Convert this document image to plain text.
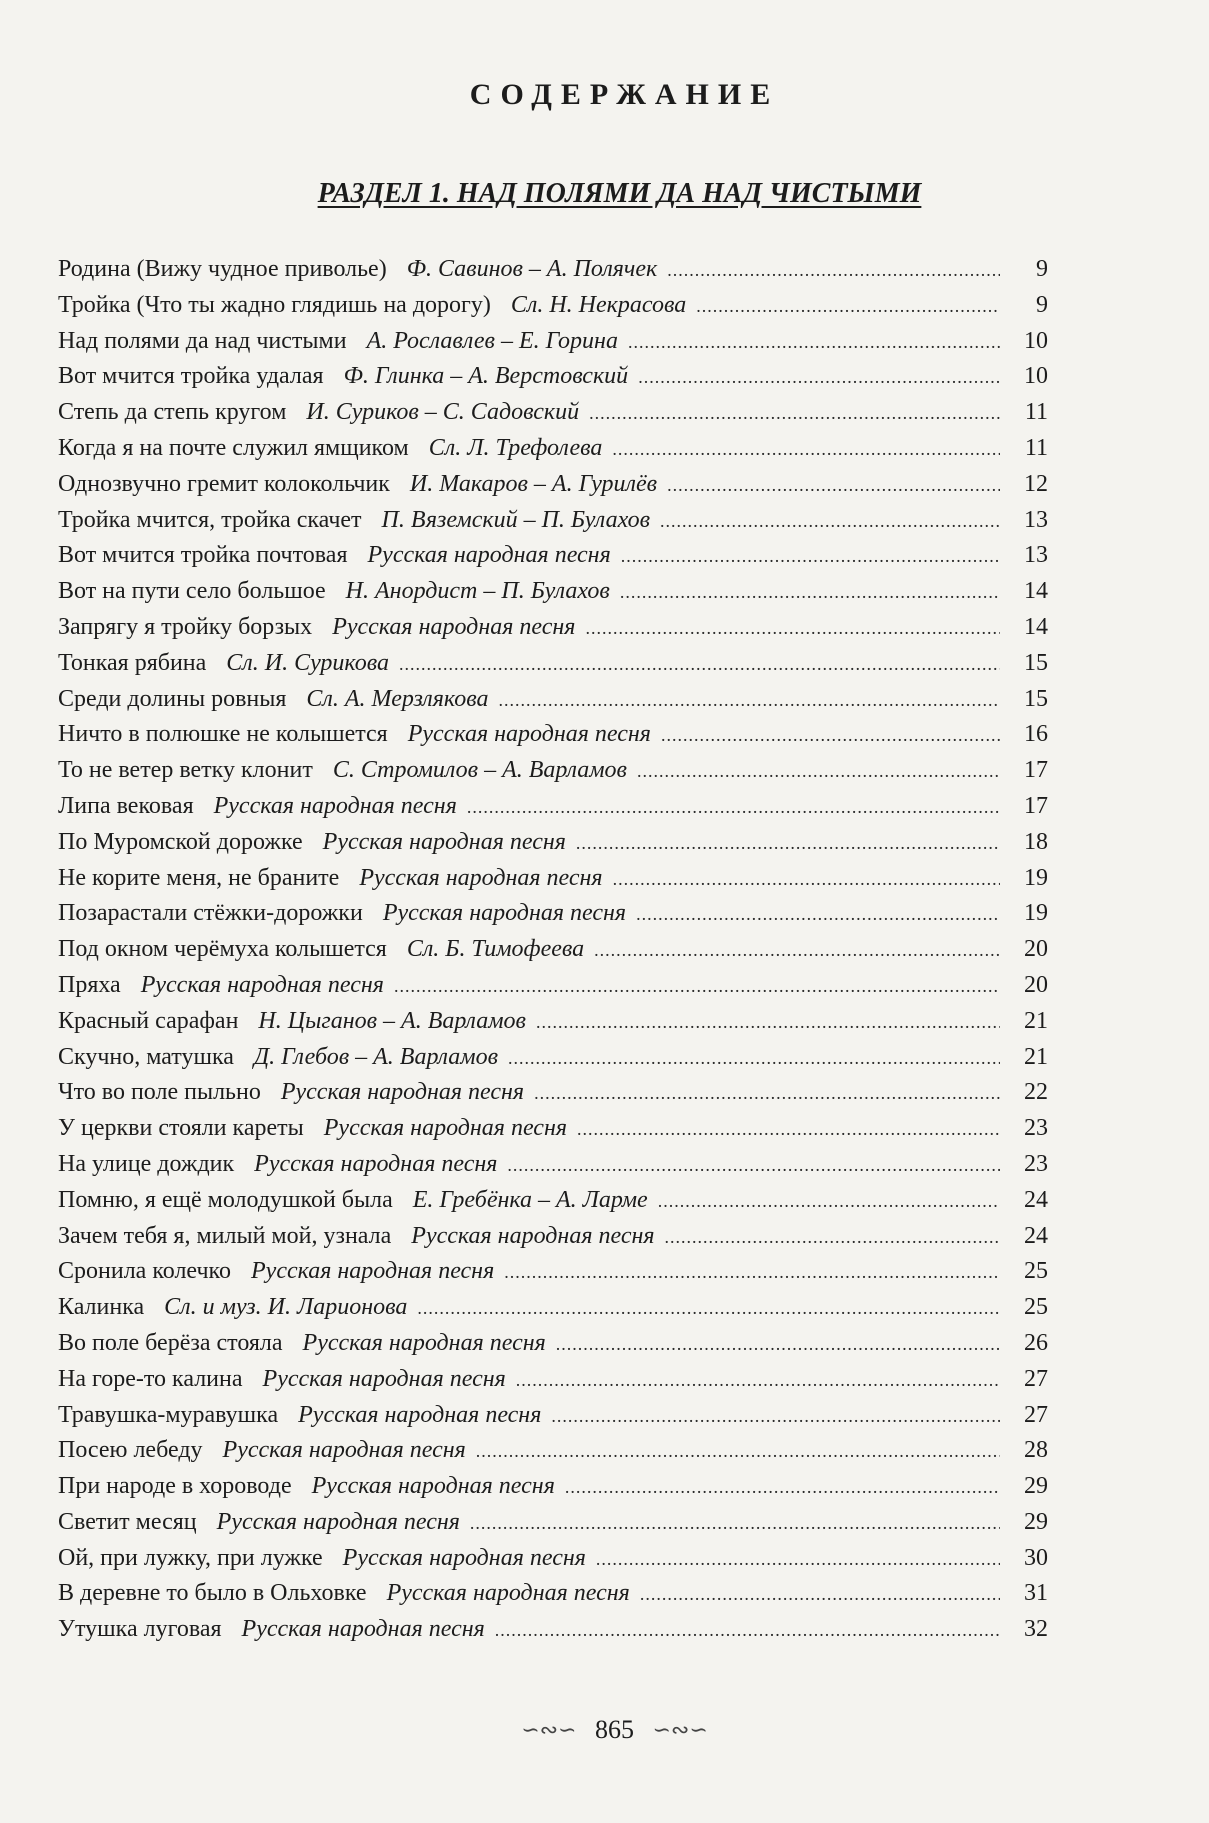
СОДЕРЖАНИЕ
РАЗДЕЛ 1. НАД ПОЛЯМИ ДА НАД ЧИСТЫМИ
Родина (Вижу чудное приволье) Ф. Савинов – А. Полячек .....	9
Тройка (Что ты жадно глядишь на дорогу) Сл. Н. Некрасова .....	9
Над полями да над чистыми А. Рославлев – Е. Горина .....	10
Вот мчится тройка удалая Ф. Глинка – А. Верстовский .....	10
Степь да степь кругом И. Суриков – С. Садовский .....	11
Когда я на почте служил ямщиком Сл. Л. Трефолева .....	11
Однозвучно гремит колокольчик И. Макаров – А. Гурилёв .....	12
Тройка мчится, тройка скачет П. Вяземский – П. Булахов .....	13
Вот мчится тройка почтовая Русская народная песня .....	13
Вот на пути село большое Н. Анордист – П. Булахов .....	14
Запрягу я тройку борзых Русская народная песня .....	14
Тонкая рябина Сл. И. Сурикова .....	15
Среди долины ровныя Сл. А. Мерзлякова .....	15
Ничто в полюшке не колышется Русская народная песня .....	16
То не ветер ветку клонит С. Стромилов – А. Варламов .....	17
Липа вековая Русская народная песня .....	17
По Муромской дорожке Русская народная песня .....	18
Не корите меня, не браните Русская народная песня .....	19
Позарастали стёжки-дорожки Русская народная песня .....	19
Под окном черёмуха колышется Сл. Б. Тимофеева .....	20
Пряха Русская народная песня .....	20
Красный сарафан Н. Цыганов – А. Варламов .....	21
Скучно, матушка Д. Глебов – А. Варламов .....	21
Что во поле пыльно Русская народная песня .....	22
У церкви стояли кареты Русская народная песня .....	23
На улице дождик Русская народная песня .....	23
Помню, я ещё молодушкой была Е. Гребёнка – А. Ларме .....	24
Зачем тебя я, милый мой, узнала Русская народная песня .....	24
Сронила колечко Русская народная песня .....	25
Калинка Сл. и муз. И. Ларионова .....	25
Во поле берёза стояла Русская народная песня .....	26
На горе-то калина Русская народная песня .....	27
Травушка-муравушка Русская народная песня .....	27
Посею лебеду Русская народная песня .....	28
При народе в хороводе Русская народная песня .....	29
Светит месяц Русская народная песня .....	29
Ой, при лужку, при лужке Русская народная песня .....	30
В деревне то было в Ольховке Русская народная песня .....	31
Утушка луговая Русская народная песня .....	32
∽∾∽ 865 ∽∾∽
